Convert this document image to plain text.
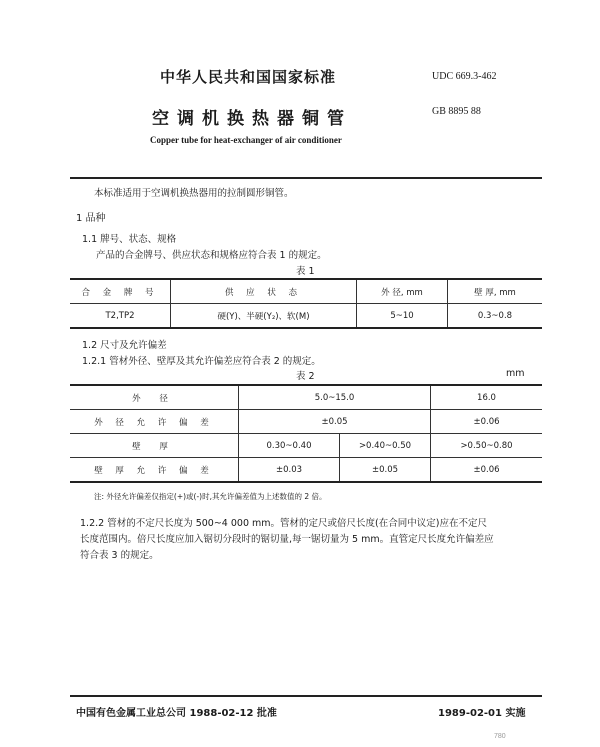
中华人民共和国国家标准	UDC 669.3-462
空调机换热器铜管	GB 8895 88
Copper tube for heat-exchanger of air conditioner
本标准适用于空调机换热器用的拉制圆形铜管。
1 品种
1.1 牌号、状态、规格
产品的合金牌号、供应状态和规格应符合表 1 的规定。
表 1
合 金 牌 号	供 应 状 态	外 径, mm	壁 厚, mm
T2,TP2	硬(Y)、半硬(Y₂)、软(M)	5~10	0.3~0.8
1.2 尺寸及允许偏差
1.2.1 管材外径、壁厚及其允许偏差应符合表 2 的规定。
表 2	mm
外 径	5.0~15.0		16.0
外 径 允 许 偏 差	±0.05		±0.06
壁 厚	0.30~0.40	>0.40~0.50	>0.50~0.80
壁 厚 允 许 偏 差	±0.03	±0.05	±0.06
注: 外径允许偏差仅指定(+)或(-)时,其允许偏差值为上述数值的 2 倍。
1.2.2 管材的不定尺长度为 500~4 000 mm。管材的定尺或倍尺长度(在合同中议定)应在不定尺
长度范围内。倍尺长度应加入锯切分段时的锯切量,每一锯切量为 5 mm。直管定尺长度允许偏差应
符合表 3 的规定。
中国有色金属工业总公司 1988-02-12 批准	1989-02-01 实施
780
